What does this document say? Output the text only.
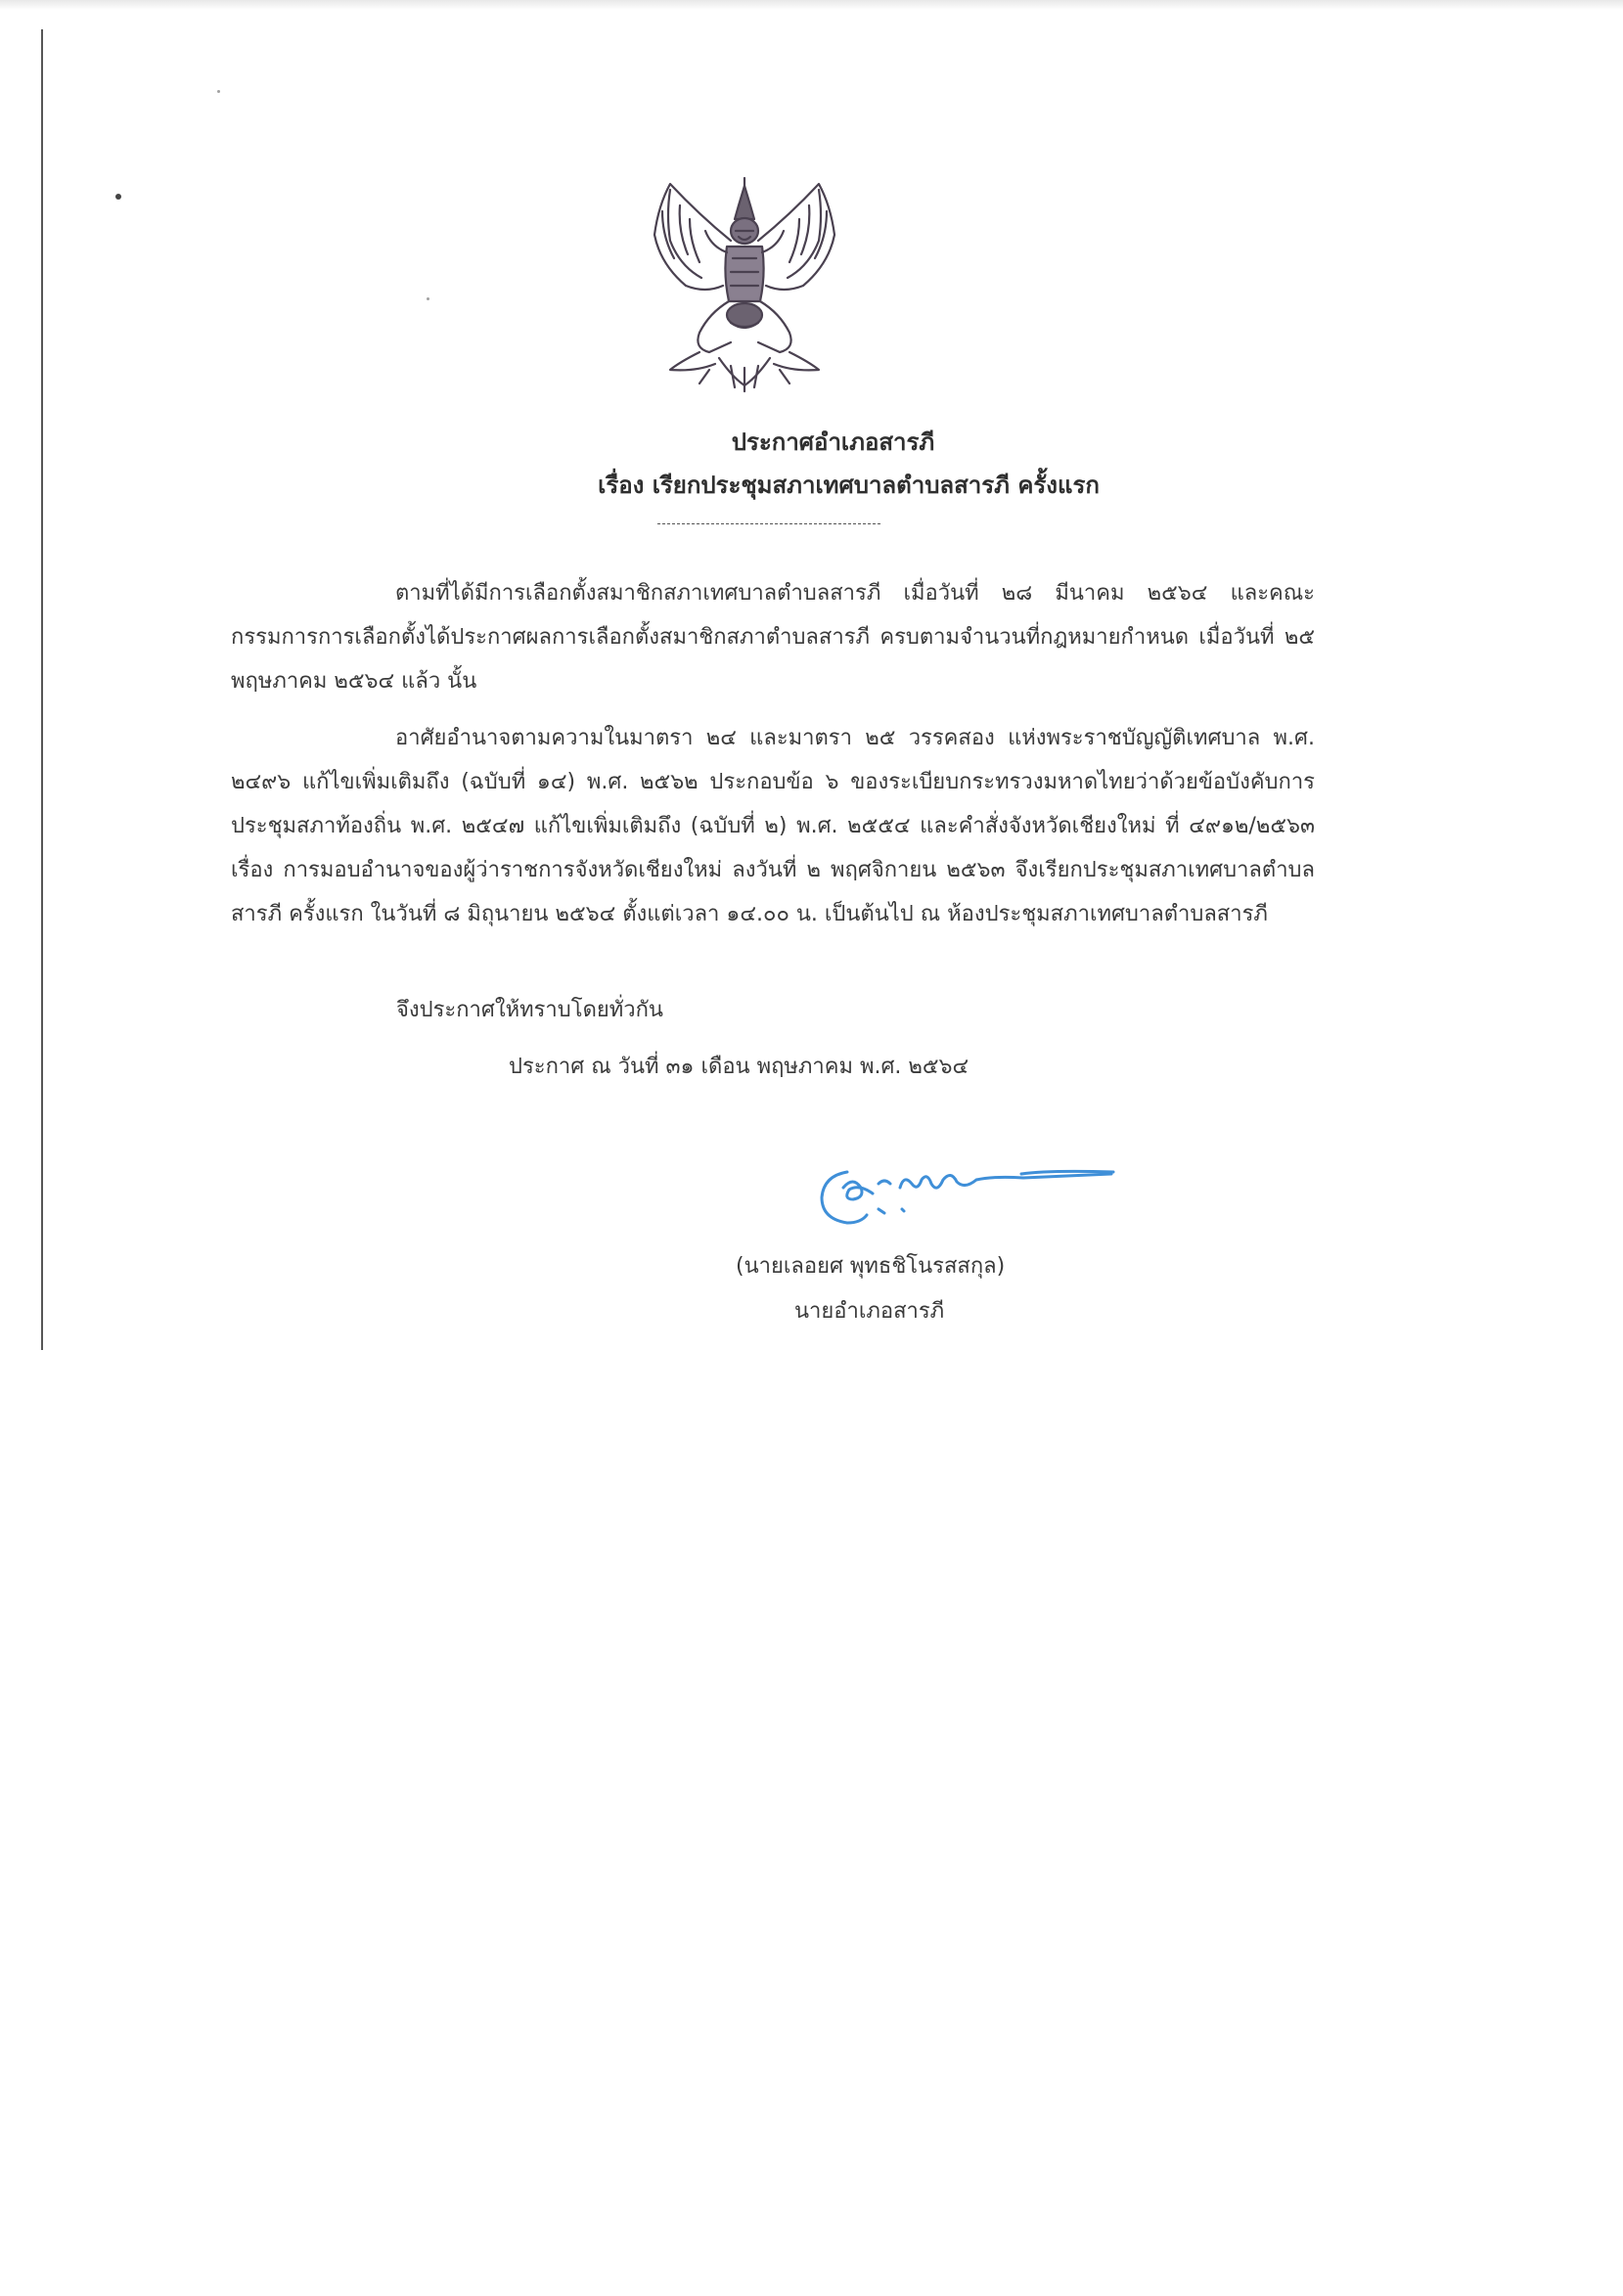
ประกาศอำเภอสารภี
เรื่อง เรียกประชุมสภาเทศบาลตำบลสารภี ครั้งแรก
ตามที่ได้มีการเลือกตั้งสมาชิกสภาเทศบาลตำบลสารภี เมื่อวันที่ ๒๘ มีนาคม ๒๕๖๔ และคณะกรรมการการเลือกตั้งได้ประกาศผลการเลือกตั้งสมาชิกสภาตำบลสารภี ครบตามจำนวนที่กฎหมายกำหนด เมื่อวันที่ ๒๕ พฤษภาคม ๒๕๖๔ แล้ว นั้น
อาศัยอำนาจตามความในมาตรา ๒๔ และมาตรา ๒๕ วรรคสอง แห่งพระราชบัญญัติเทศบาล พ.ศ. ๒๔๙๖ แก้ไขเพิ่มเติมถึง (ฉบับที่ ๑๔) พ.ศ. ๒๕๖๒ ประกอบข้อ ๖ ของระเบียบกระทรวงมหาดไทยว่าด้วยข้อบังคับการประชุมสภาท้องถิ่น พ.ศ. ๒๕๔๗ แก้ไขเพิ่มเติมถึง (ฉบับที่ ๒) พ.ศ. ๒๕๕๔ และคำสั่งจังหวัดเชียงใหม่ ที่ ๔๙๑๒/๒๕๖๓ เรื่อง การมอบอำนาจของผู้ว่าราชการจังหวัดเชียงใหม่ ลงวันที่ ๒ พฤศจิกายน ๒๕๖๓ จึงเรียกประชุมสภาเทศบาลตำบลสารภี ครั้งแรก ในวันที่ ๘ มิถุนายน ๒๕๖๔ ตั้งแต่เวลา ๑๔.๐๐ น. เป็นต้นไป ณ ห้องประชุมสภาเทศบาลตำบลสารภี
จึงประกาศให้ทราบโดยทั่วกัน
ประกาศ ณ วันที่ ๓๑ เดือน พฤษภาคม พ.ศ. ๒๕๖๔
(นายเลอยศ พุทธชิโนรสสกุล)
นายอำเภอสารภี
